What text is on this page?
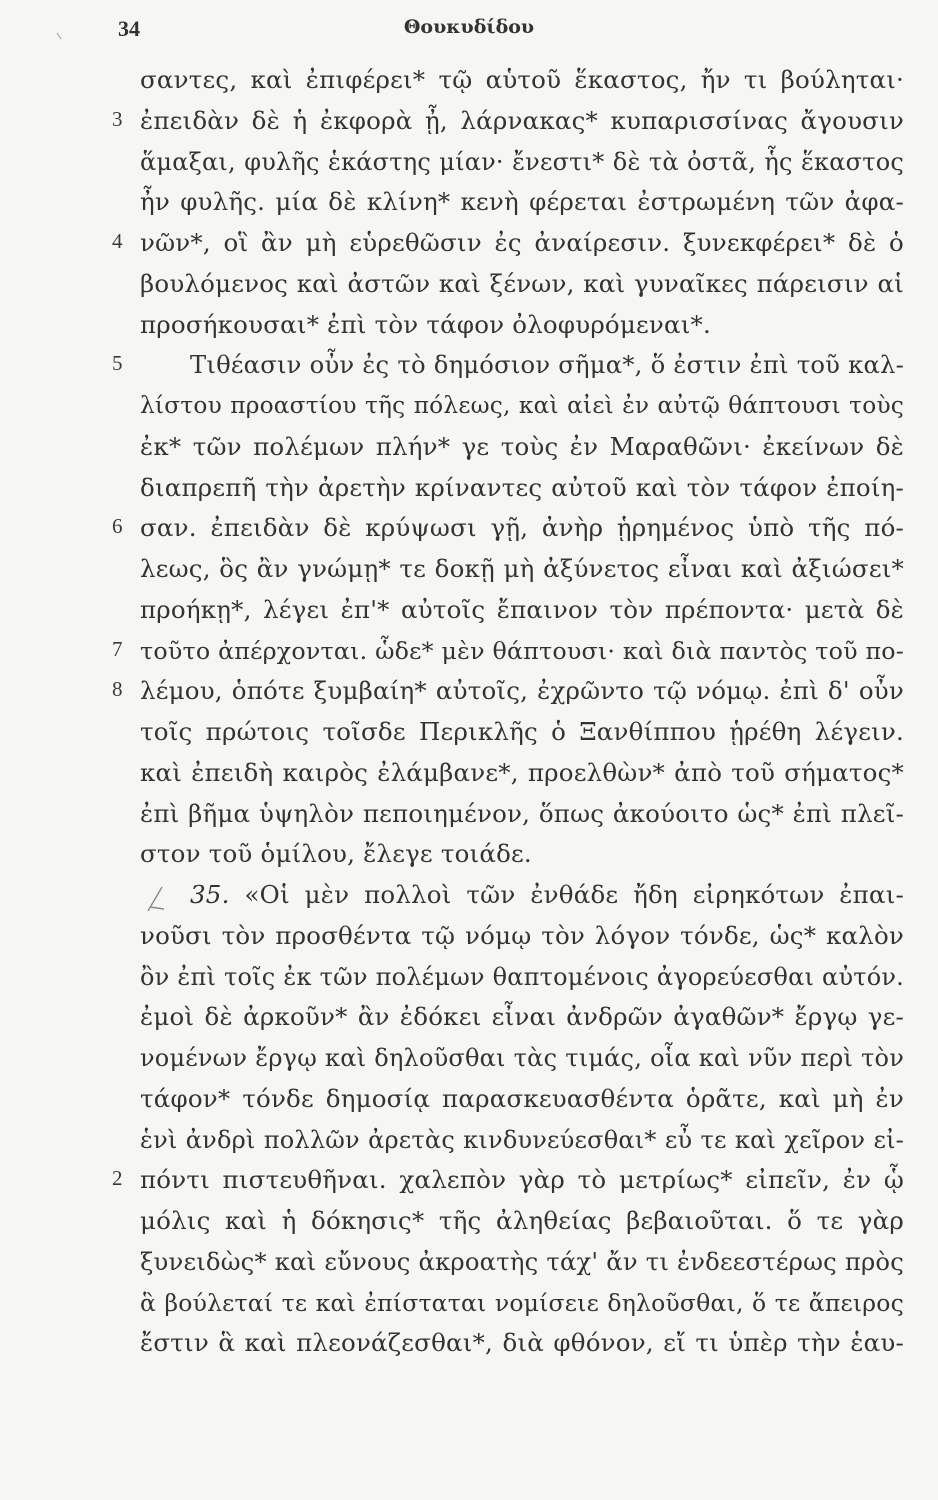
34	Θουκυδίδου
σαντες, καὶ ἐπιφέρει* τῷ αὑτοῦ ἕκαστος, ἤν τι βούληται·
3 ἐπειδὰν δὲ ἡ ἐκφορὰ ᾖ, λάρνακας* κυπαρισσίνας ἄγουσιν
ἅμαξαι, φυλῆς ἑκάστης μίαν· ἔνεστι* δὲ τὰ ὀστᾶ, ἧς ἕκαστος
ἦν φυλῆς. μία δὲ κλίνη* κενὴ φέρεται ἐστρωμένη τῶν ἀφα-
4 νῶν*, οἳ ἂν μὴ εὑρεθῶσιν ἐς ἀναίρεσιν. ξυνεκφέρει* δὲ ὁ
βουλόμενος καὶ ἀστῶν καὶ ξένων, καὶ γυναῖκες πάρεισιν αἱ
προσήκουσαι* ἐπὶ τὸν τάφον ὀλοφυρόμεναι*.
5	Τιθέασιν οὖν ἐς τὸ δημόσιον σῆμα*, ὅ ἐστιν ἐπὶ τοῦ καλ-
λίστου προαστίου τῆς πόλεως, καὶ αἰεὶ ἐν αὐτῷ θάπτουσι τοὺς
ἐκ* τῶν πολέμων πλήν* γε τοὺς ἐν Μαραθῶνι· ἐκείνων δὲ
διαπρεπῆ τὴν ἀρετὴν κρίναντες αὐτοῦ καὶ τὸν τάφον ἐποίη-
6 σαν. ἐπειδὰν δὲ κρύψωσι γῇ, ἀνὴρ ᾑρημένος ὑπὸ τῆς πό-
λεως, ὃς ἂν γνώμῃ* τε δοκῇ μὴ ἀξύνετος εἶναι καὶ ἀξιώσει*
προήκῃ*, λέγει ἐπ'* αὐτοῖς ἔπαινον τὸν πρέποντα· μετὰ δὲ
7 τοῦτο ἀπέρχονται. ὧδε* μὲν θάπτουσι· καὶ διὰ παντὸς τοῦ πο-
8 λέμου, ὁπότε ξυμβαίη* αὐτοῖς, ἐχρῶντο τῷ νόμῳ. ἐπὶ δ' οὖν
τοῖς πρώτοις τοῖσδε Περικλῆς ὁ Ξανθίππου ᾑρέθη λέγειν.
καὶ ἐπειδὴ καιρὸς ἐλάμβανε*, προελθὼν* ἀπὸ τοῦ σήματος*
ἐπὶ βῆμα ὑψηλὸν πεποιημένον, ὅπως ἀκούοιτο ὡς* ἐπὶ πλεῖ-
στον τοῦ ὁμίλου, ἔλεγε τοιάδε.
35. «Οἱ μὲν πολλοὶ τῶν ἐνθάδε ἤδη εἰρηκότων ἐπαι-
νοῦσι τὸν προσθέντα τῷ νόμῳ τὸν λόγον τόνδε, ὡς* καλὸν
ὂν ἐπὶ τοῖς ἐκ τῶν πολέμων θαπτομένοις ἀγορεύεσθαι αὐτόν.
ἐμοὶ δὲ ἀρκοῦν* ἂν ἐδόκει εἶναι ἀνδρῶν ἀγαθῶν* ἔργῳ γε-
νομένων ἔργῳ καὶ δηλοῦσθαι τὰς τιμάς, οἷα καὶ νῦν περὶ τὸν
τάφον* τόνδε δημοσίᾳ παρασκευασθέντα ὁρᾶτε, καὶ μὴ ἐν
ἑνὶ ἀνδρὶ πολλῶν ἀρετὰς κινδυνεύεσθαι* εὖ τε καὶ χεῖρον εἰ-
2 πόντι πιστευθῆναι. χαλεπὸν γὰρ τὸ μετρίως* εἰπεῖν, ἐν ᾧ
μόλις καὶ ἡ δόκησις* τῆς ἀληθείας βεβαιοῦται. ὅ τε γὰρ
ξυνειδὼς* καὶ εὔνους ἀκροατὴς τάχ' ἄν τι ἐνδεεστέρως πρὸς
ἃ βούλεταί τε καὶ ἐπίσταται νομίσειε δηλοῦσθαι, ὅ τε ἄπειρος
ἔστιν ἃ καὶ πλεονάζεσθαι*, διὰ φθόνον, εἴ τι ὑπὲρ τὴν ἑαυ-
